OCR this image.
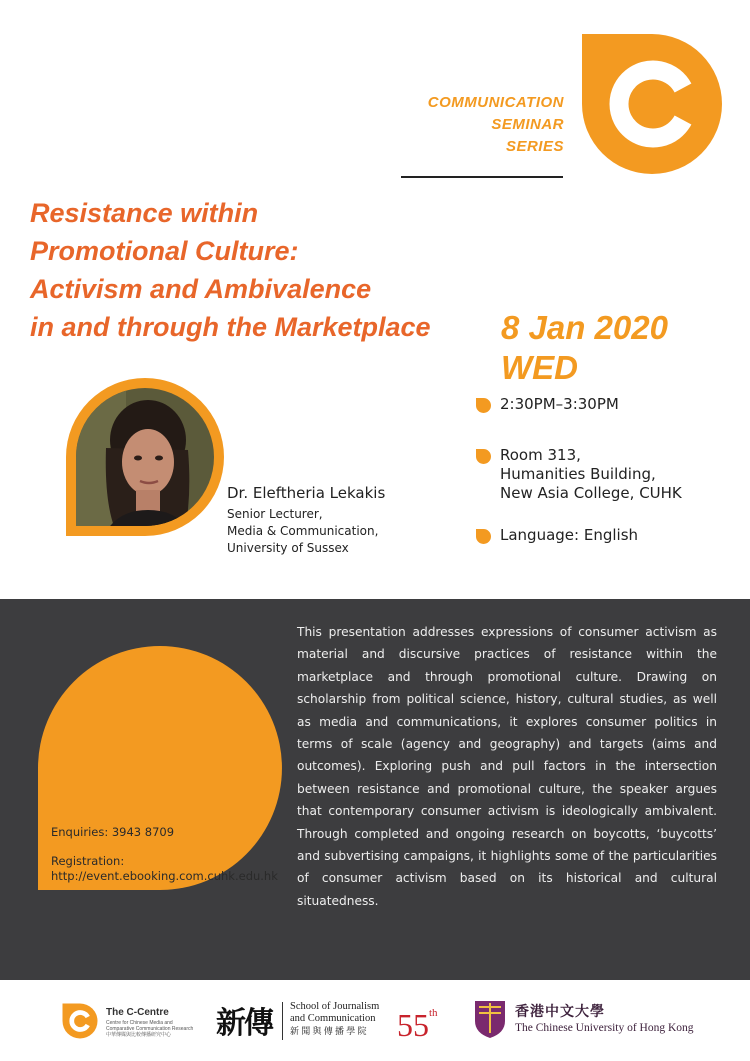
COMMUNICATION
SEMINAR
SERIES
Resistance within
Promotional Culture:
Activism and Ambivalence
in and through the Marketplace 8 Jan 2020
WED
2:30PM–3:30PM
Room 313,
Humanities Building,
New Asia College, CUHK
Language: English
Dr. Eleftheria Lekakis
Senior Lecturer,
Media & Communication,
University of Sussex
Enquiries: 3943 8709
Registration:
http://event.ebooking.com.cuhk.edu.hk
This presentation addresses expressions of consumer activism as material and discursive practices of resistance within the marketplace and through promotional culture. Drawing on scholarship from political science, history, cultural studies, as well as media and communications, it explores consumer politics in terms of scale (agency and geography) and targets (aims and outcomes). Exploring push and pull factors in the intersection between resistance and promotional culture, the speaker argues that contemporary consumer activism is ideologically ambivalent. Through completed and ongoing research on boycotts, ‘buycotts’ and subvertising campaigns, it highlights some of the particularities of consumer activism based on its historical and cultural situatedness.
The C-Centre
Centre for Chinese Media and
Comparative Communication Research
中華傳媒與比較傳播研究中心	新傳 School of Journalism
and Communication
新 聞 與 傳 播 學 院 55th	香港中文大學
The Chinese University of Hong Kong
